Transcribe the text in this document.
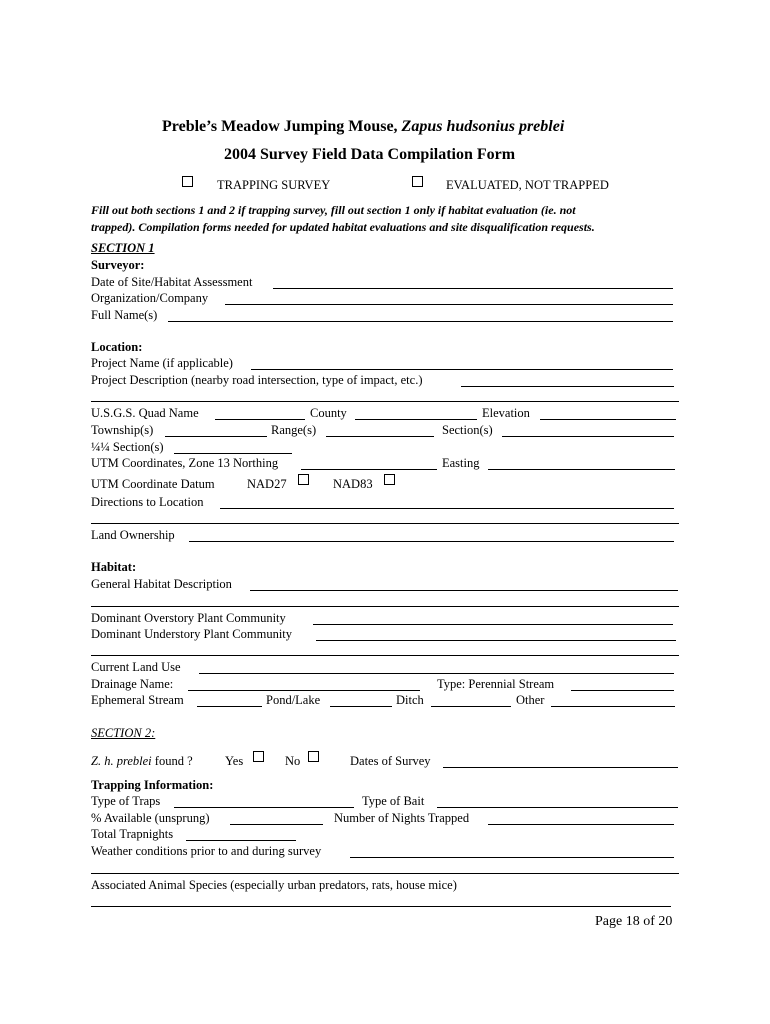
Preble’s Meadow Jumping Mouse, Zapus hudsonius preblei
2004 Survey Field Data Compilation Form
TRAPPING SURVEY	EVALUATED, NOT TRAPPED
Fill out both sections 1 and 2 if trapping survey, fill out section 1 only if habitat evaluation (ie. not
trapped). Compilation forms needed for updated habitat evaluations and site disqualification requests.
SECTION 1
Surveyor:
Date of Site/Habitat Assessment
Organization/Company
Full Name(s)
Location:
Project Name (if applicable)
Project Description (nearby road intersection, type of impact, etc.)
U.S.G.S. Quad Name	County	Elevation
Township(s)	Range(s)	Section(s)
¼¼ Section(s)
UTM Coordinates, Zone 13 Northing	Easting
UTM Coordinate Datum	NAD27	NAD83
Directions to Location
Land Ownership
Habitat:
General Habitat Description
Dominant Overstory Plant Community
Dominant Understory Plant Community
Current Land Use
Drainage Name:	Type: Perennial Stream
Ephemeral Stream	Pond/Lake	Ditch	Other
SECTION 2:
Z. h. preblei found ?	Yes	No	Dates of Survey
Trapping Information:
Type of Traps	Type of Bait
% Available (unsprung)	Number of Nights Trapped
Total Trapnights
Weather conditions prior to and during survey
Associated Animal Species (especially urban predators, rats, house mice)
Page 18 of 20
